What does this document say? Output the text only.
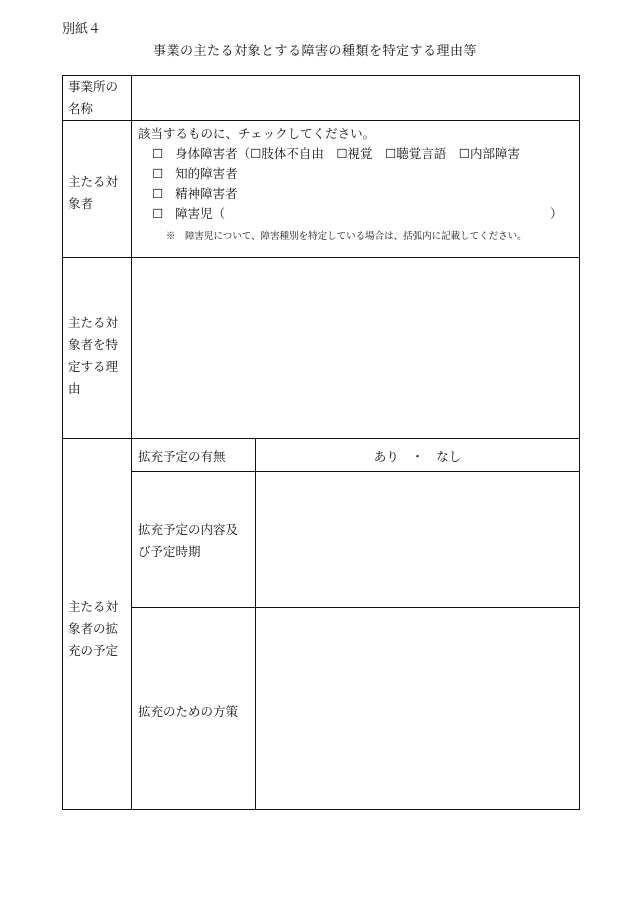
別紙４
事業の主たる対象とする障害の種類を特定する理由等
事業所の名称
主たる対象者
該当するものに、チェックしてください。
☐ 身体障害者（☐肢体不自由　☐視覚　☐聴覚言語　☐内部障害
☐ 知的障害者
☐ 精神障害者
☐ 障害児（	）
※　障害児について、障害種別を特定している場合は、括弧内に記載してください。
主たる対象者を特定する理由
主たる対象者の拡充の予定
拡充予定の有無	あり　・　なし
拡充予定の内容及び予定時期
拡充のための方策
